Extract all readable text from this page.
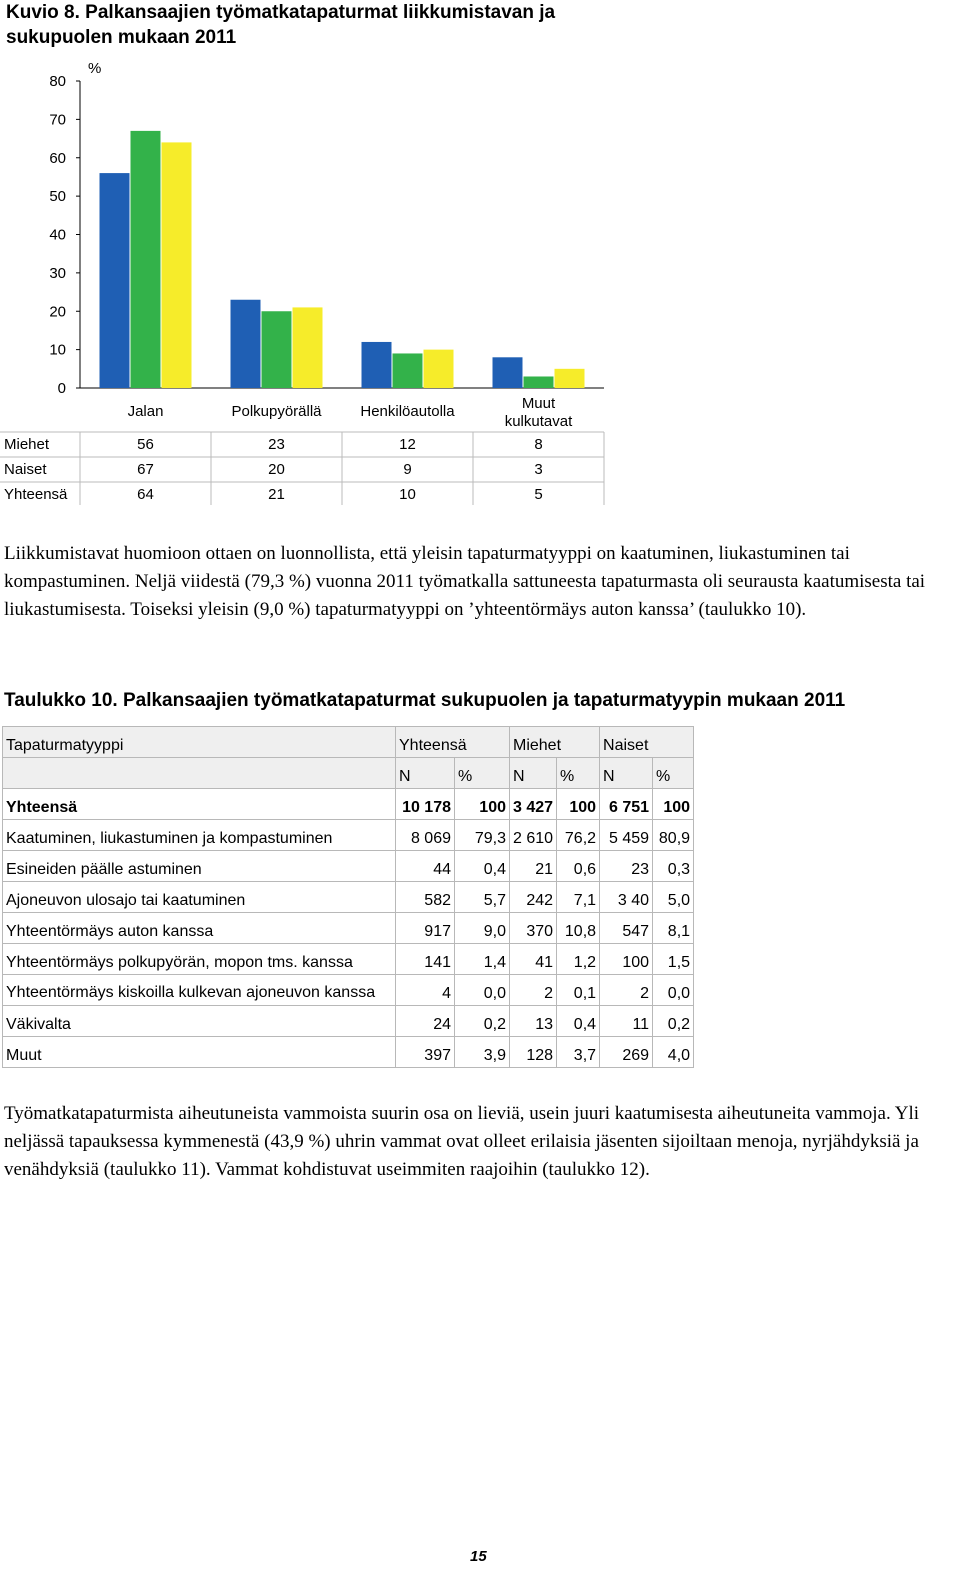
Kuvio 8. Palkansaajien työmatkatapaturmat liikkumistavan ja sukupuolen mukaan 2011
%
0
10
20
30
40
50
60
70
80
Jalan	Polkupyörällä	Henkilöautolla	Muut
kulkutavat
Miehet	56	23	12	8
Naiset	67	20	9	3
Yhteensä	64	21	10	5

Liikkumistavat huomioon ottaen on luonnollista, että yleisin tapaturmatyyppi on kaatuminen, liukastuminen tai kompastuminen. Neljä viidestä (79,3 %) vuonna 2011 työmatkalla sattuneesta tapaturmasta oli seurausta kaatumisesta tai liukastumisesta. Toiseksi yleisin (9,0 %) tapaturmatyyppi on ’yhteentörmäys auton kanssa’ (taulukko 10).

Taulukko 10. Palkansaajien työmatkatapaturmat sukupuolen ja tapaturmatyypin mukaan 2011
Tapaturmatyyppi	Yhteensä		Miehet		Naiset	
	N	%	N	%	N	%
Yhteensä	10 178	100	3 427	100	6 751	100
Kaatuminen, liukastuminen ja kompastuminen	8 069	79,3	2 610	76,2	5 459	80,9
Esineiden päälle astuminen	44	0,4	21	0,6	23	0,3
Ajoneuvon ulosajo tai kaatuminen	582	5,7	242	7,1	3 40	5,0
Yhteentörmäys auton kanssa	917	9,0	370	10,8	547	8,1
Yhteentörmäys polkupyörän, mopon tms. kanssa	141	1,4	41	1,2	100	1,5
Yhteentörmäys kiskoilla kulkevan ajoneuvon kanssa	4	0,0	2	0,1	2	0,0
Väkivalta	24	0,2	13	0,4	11	0,2
Muut	397	3,9	128	3,7	269	4,0

Työmatkatapaturmista aiheutuneista vammoista suurin osa on lieviä, usein juuri kaatumisesta aiheutuneita vammoja. Yli neljässä tapauksessa kymmenestä (43,9 %) uhrin vammat ovat olleet erilaisia jäsenten sijoiltaan menoja, nyrjähdyksiä ja venähdyksiä (taulukko 11). Vammat kohdistuvat useimmiten raajoihin (taulukko 12).

15
